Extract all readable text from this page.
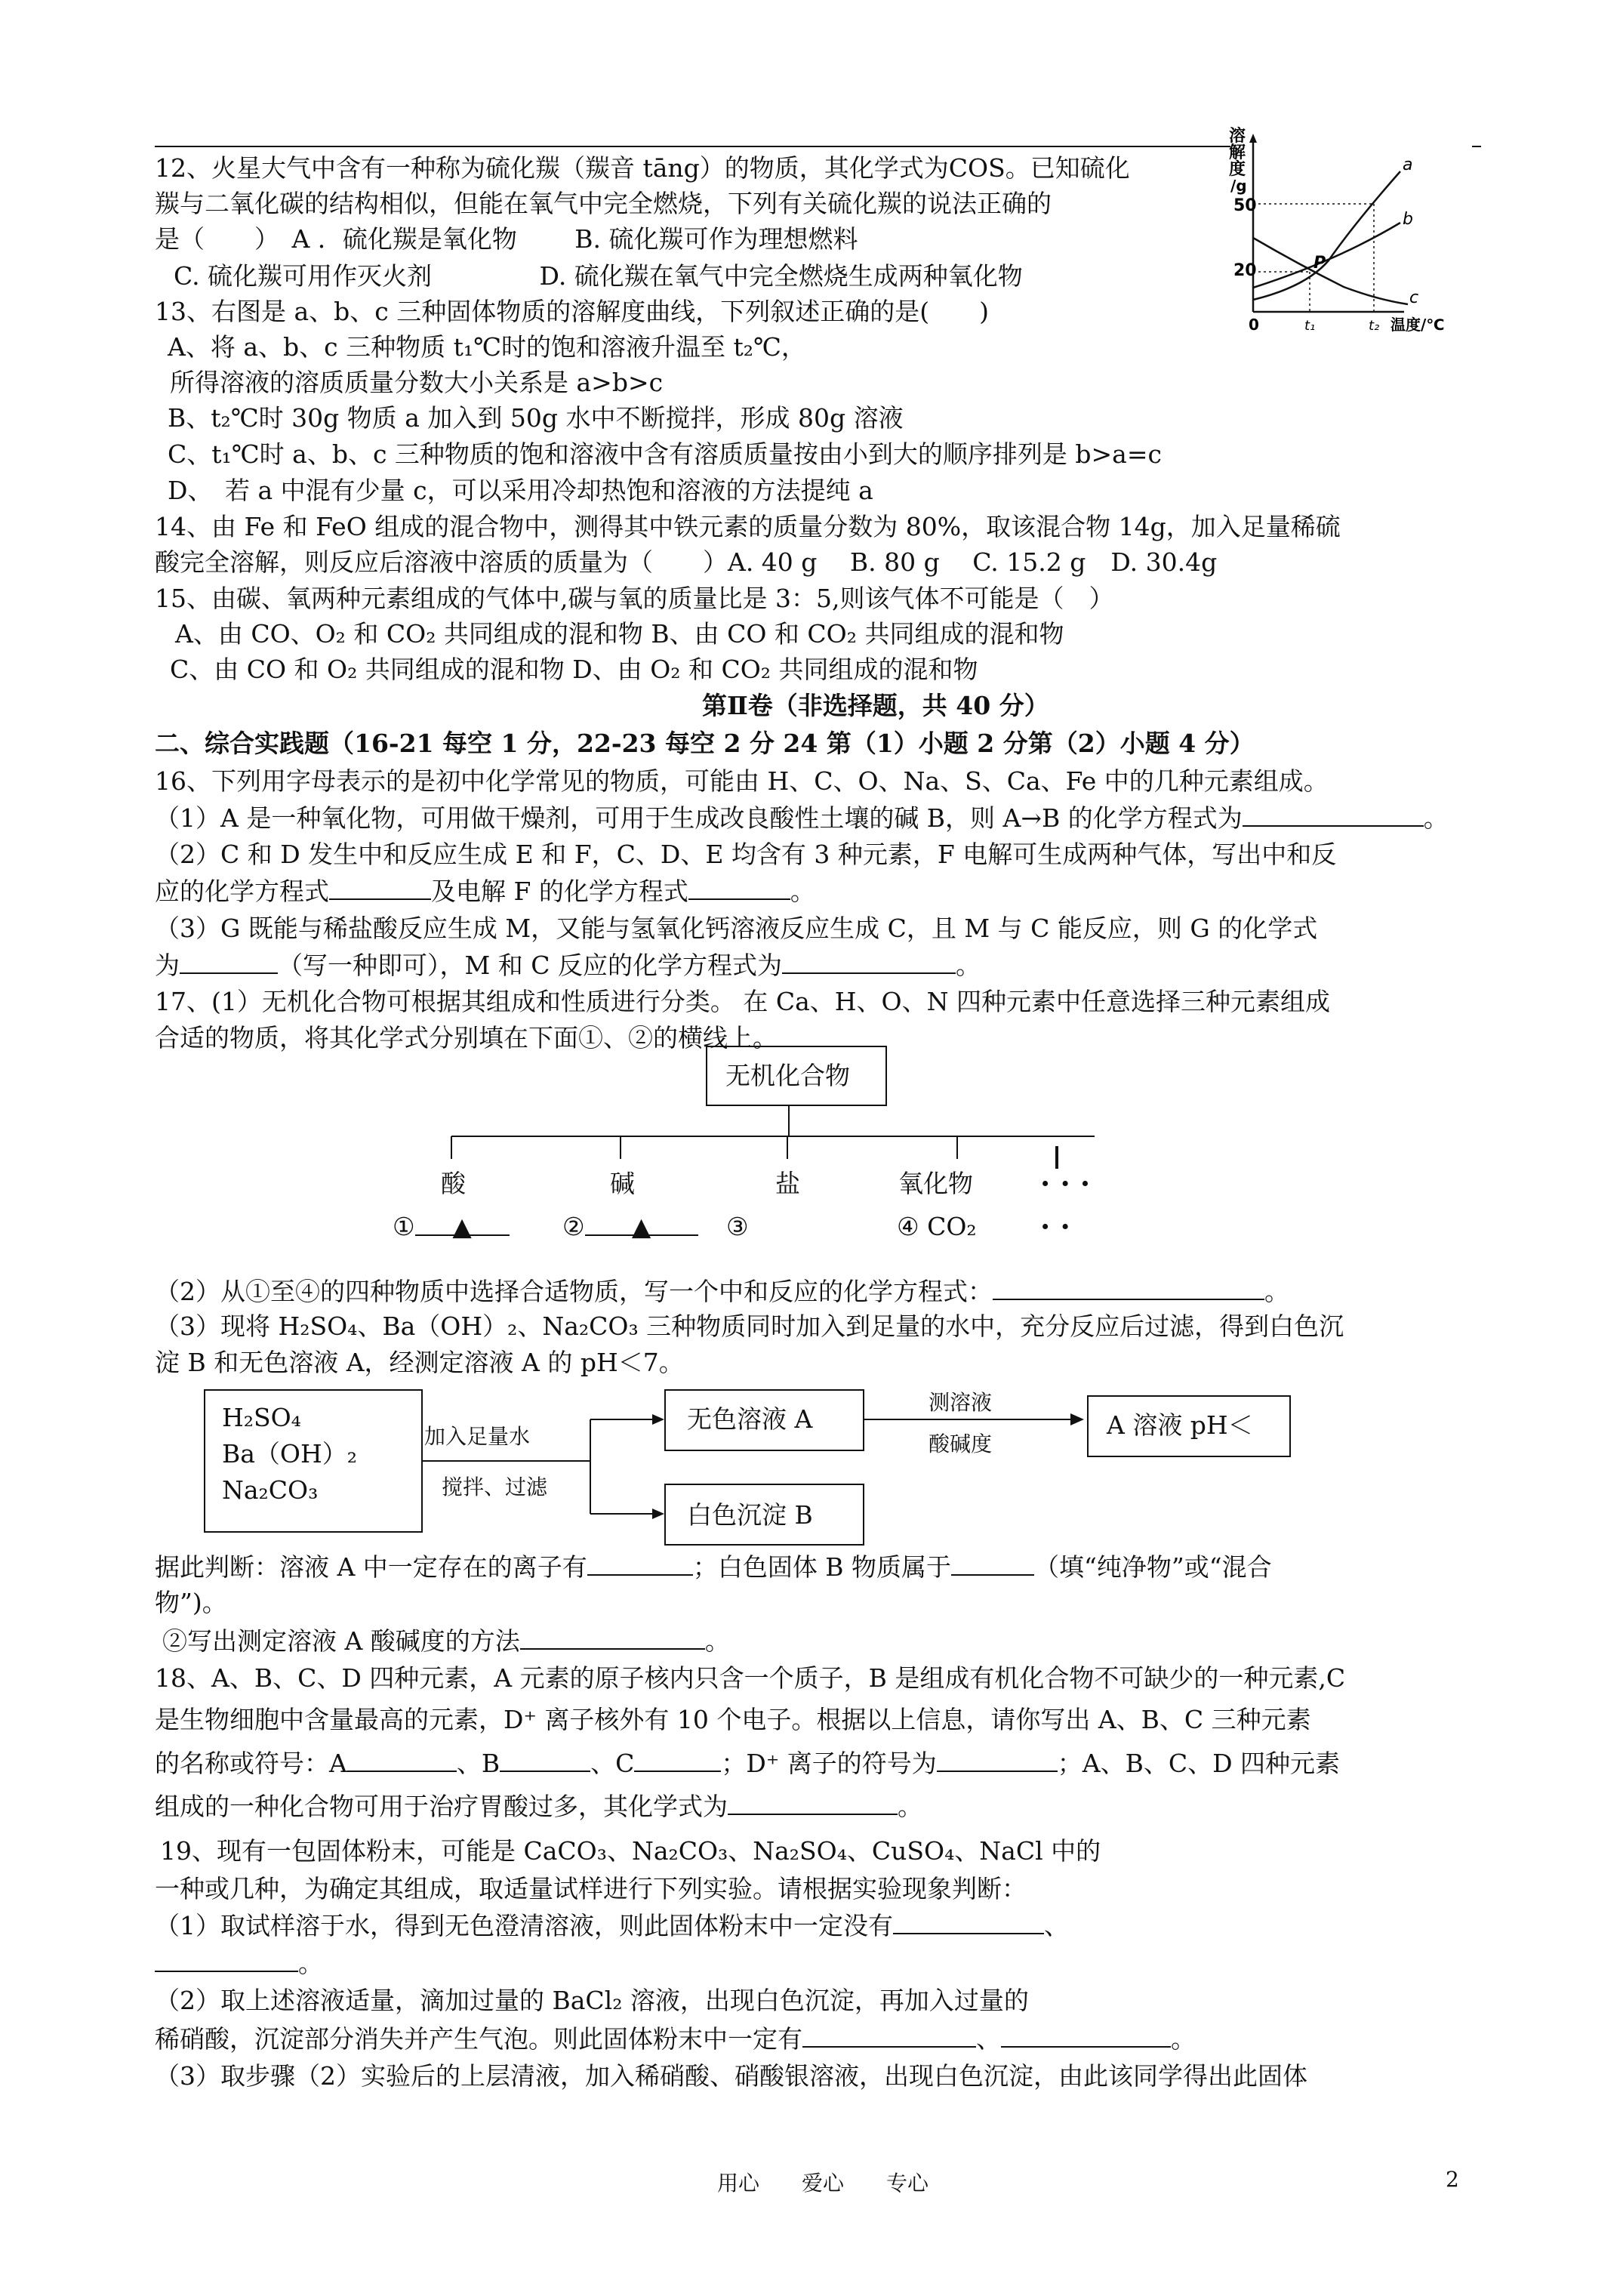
12、火星大气中含有一种称为硫化羰（羰音 tāng）的物质，其化学式为COS。已知硫化
羰与二氧化碳的结构相似，但能在氧气中完全燃烧，下列有关硫化羰的说法正确的
是（　　）　A ．硫化羰是氧化物　　 B. 硫化羰可作为理想燃料
C. 硫化羰可用作灭火剂　　　　 D. 硫化羰在氧气中完全燃烧生成两种氧化物
溶
解
度
/g
50
20
a
b
c
P
0	t₁	t₂ 温度/℃
13、右图是 a、b、c 三种固体物质的溶解度曲线，下列叙述正确的是(　　)
A、将 a、b、c 三种物质 t₁℃时的饱和溶液升温至 t₂℃，
所得溶液的溶质质量分数大小关系是 a>b>c
B、t₂℃时 30g 物质 a 加入到 50g 水中不断搅拌，形成 80g 溶液
C、t₁℃时 a、b、c 三种物质的饱和溶液中含有溶质质量按由小到大的顺序排列是 b>a=c
D、　若 a 中混有少量 c，可以采用冷却热饱和溶液的方法提纯 a
14、由 Fe 和 FeO 组成的混合物中，测得其中铁元素的质量分数为 80%，取该混合物 14g，加入足量稀硫
酸完全溶解，则反应后溶液中溶质的质量为（　　）A. 40 g　 B. 80 g　 C. 15.2 g　D. 30.4g
15、由碳、氧两种元素组成的气体中,碳与氧的质量比是 3：5,则该气体不可能是（　）
A、由 CO、O₂ 和 CO₂ 共同组成的混和物 B、由 CO 和 CO₂ 共同组成的混和物
C、由 CO 和 O₂ 共同组成的混和物 D、由 O₂ 和 CO₂ 共同组成的混和物
第Ⅱ卷（非选择题，共 40 分）
二、综合实践题（16-21 每空 1 分，22-23 每空 2 分 24 第（1）小题 2 分第（2）小题 4 分）
16、下列用字母表示的是初中化学常见的物质，可能由 H、C、O、Na、S、Ca、Fe 中的几种元素组成。
（1）A 是一种氧化物，可用做干燥剂，可用于生成改良酸性土壤的碱 B，则 A→B 的化学方程式为	。
（2）C 和 D 发生中和反应生成 E 和 F，C、D、E 均含有 3 种元素，F 电解可生成两种气体，写出中和反
应的化学方程式	及电解 F 的化学方程式	。
（3）G 既能与稀盐酸反应生成 M，又能与氢氧化钙溶液反应生成 C，且 M 与 C 能反应，则 G 的化学式
为	（写一种即可），M 和 C 反应的化学方程式为	。
17、(1）无机化合物可根据其组成和性质进行分类。 在 Ca、H、O、N 四种元素中任意选择三种元素组成
合适的物质，将其化学式分别填在下面①、②的横线上。
无机化合物
酸	碱	盐	氧化物 · · ·
① ▲	② ▲	③	④ CO₂ · ·
（2）从①至④的四种物质中选择合适物质，写一个中和反应的化学方程式：	。
（3）现将 H₂SO₄、Ba（OH）₂、Na₂CO₃ 三种物质同时加入到足量的水中，充分反应后过滤，得到白色沉
淀 B 和无色溶液 A，经测定溶液 A 的 pH＜7。
H₂SO₄
Ba（OH）₂
Na₂CO₃
加入足量水
搅拌、过滤
无色溶液 A
白色沉淀 B
测溶液
酸碱度
A 溶液 pH＜
据此判断：溶液 A 中一定存在的离子有	；白色固体 B 物质属于	（填“纯净物”或“混合
物”)。
②写出测定溶液 A 酸碱度的方法	。
18、A、B、C、D 四种元素，A 元素的原子核内只含一个质子，B 是组成有机化合物不可缺少的一种元素,C
是生物细胞中含量最高的元素，D⁺ 离子核外有 10 个电子。根据以上信息，请你写出 A、B、C 三种元素
的名称或符号：A	、B	、C	；D⁺ 离子的符号为	；A、B、C、D 四种元素
组成的一种化合物可用于治疗胃酸过多，其化学式为	。
19、现有一包固体粉末，可能是 CaCO₃、Na₂CO₃、Na₂SO₄、CuSO₄、NaCl 中的
一种或几种，为确定其组成，取适量试样进行下列实验。请根据实验现象判断：
（1）取试样溶于水，得到无色澄清溶液，则此固体粉末中一定没有	、
。
（2）取上述溶液适量，滴加过量的 BaCl₂ 溶液，出现白色沉淀，再加入过量的
稀硝酸，沉淀部分消失并产生气泡。则此固体粉末中一定有	、	。
（3）取步骤（2）实验后的上层清液，加入稀硝酸、硝酸银溶液，出现白色沉淀，由此该同学得出此固体
用心　　爱心　　专心	2
